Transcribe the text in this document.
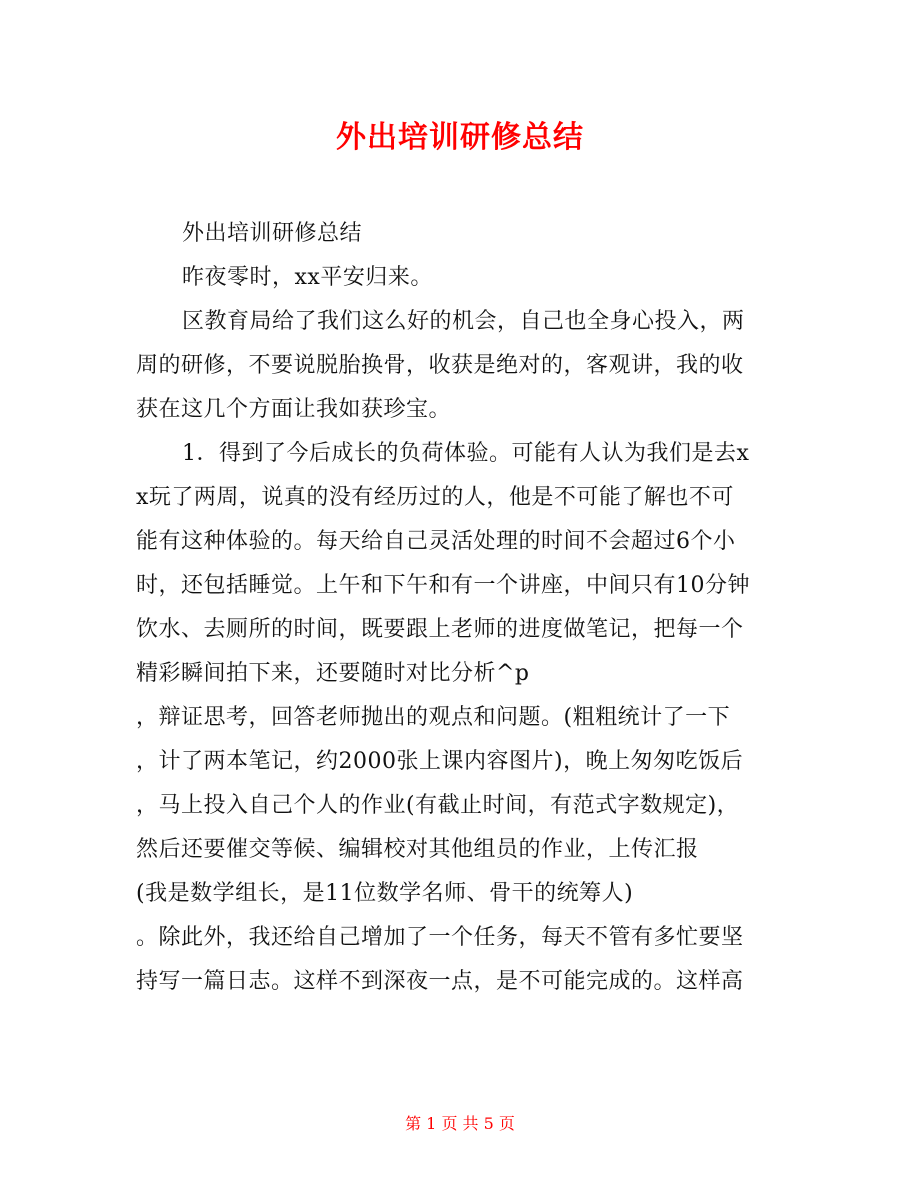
外出培训研修总结
外出培训研修总结
昨夜零时，xx平安归来。
区教育局给了我们这么好的机会，自己也全身心投入，两
周的研修，不要说脱胎换骨，收获是绝对的，客观讲，我的收
获在这几个方面让我如获珍宝。
1．得到了今后成长的负荷体验。可能有人认为我们是去x
x玩了两周，说真的没有经历过的人，他是不可能了解也不可
能有这种体验的。每天给自己灵活处理的时间不会超过6个小
时，还包括睡觉。上午和下午和有一个讲座，中间只有10分钟
饮水、去厕所的时间，既要跟上老师的进度做笔记，把每一个
精彩瞬间拍下来，还要随时对比分析^p
，辩证思考，回答老师抛出的观点和问题。(粗粗统计了一下
，计了两本笔记，约2000张上课内容图片)，晚上匆匆吃饭后
，马上投入自己个人的作业(有截止时间，有范式字数规定)，
然后还要催交等候、编辑校对其他组员的作业，上传汇报
(我是数学组长，是11位数学名师、骨干的统筹人)
。除此外，我还给自己增加了一个任务，每天不管有多忙要坚
持写一篇日志。这样不到深夜一点，是不可能完成的。这样高
第 1 页 共 5 页
